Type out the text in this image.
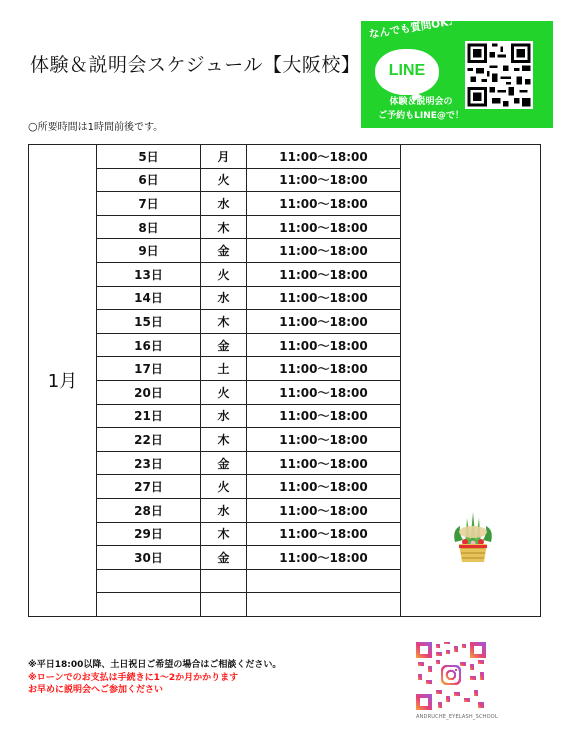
体験＆説明会スケジュール【大阪校】
○所要時間は1時間前後です。
なんでも質問OK♪
LINE
体験＆説明会の
ご予約もLINE@で！
1月	5日	月	11:00〜18:00	

	6日	火	11:00〜18:00	
	7日	水	11:00〜18:00	
	8日	木	11:00〜18:00	
	9日	金	11:00〜18:00	
	13日	火	11:00〜18:00	
	14日	水	11:00〜18:00	
	15日	木	11:00〜18:00	
	16日	金	11:00〜18:00	
	17日	土	11:00〜18:00	
	20日	火	11:00〜18:00	
	21日	水	11:00〜18:00	
	22日	木	11:00〜18:00	
	23日	金	11:00〜18:00	
	27日	火	11:00〜18:00	
	28日	水	11:00〜18:00	
	29日	木	11:00〜18:00	
	30日	金	11:00〜18:00	

※平日18:00以降、土日祝日ご希望の場合はご相談ください。
※ローンでのお支払は手続きに1〜2か月かかります
お早めに説明会へご参加ください
ANDRUCHE_EYELASH_SCHOOL
